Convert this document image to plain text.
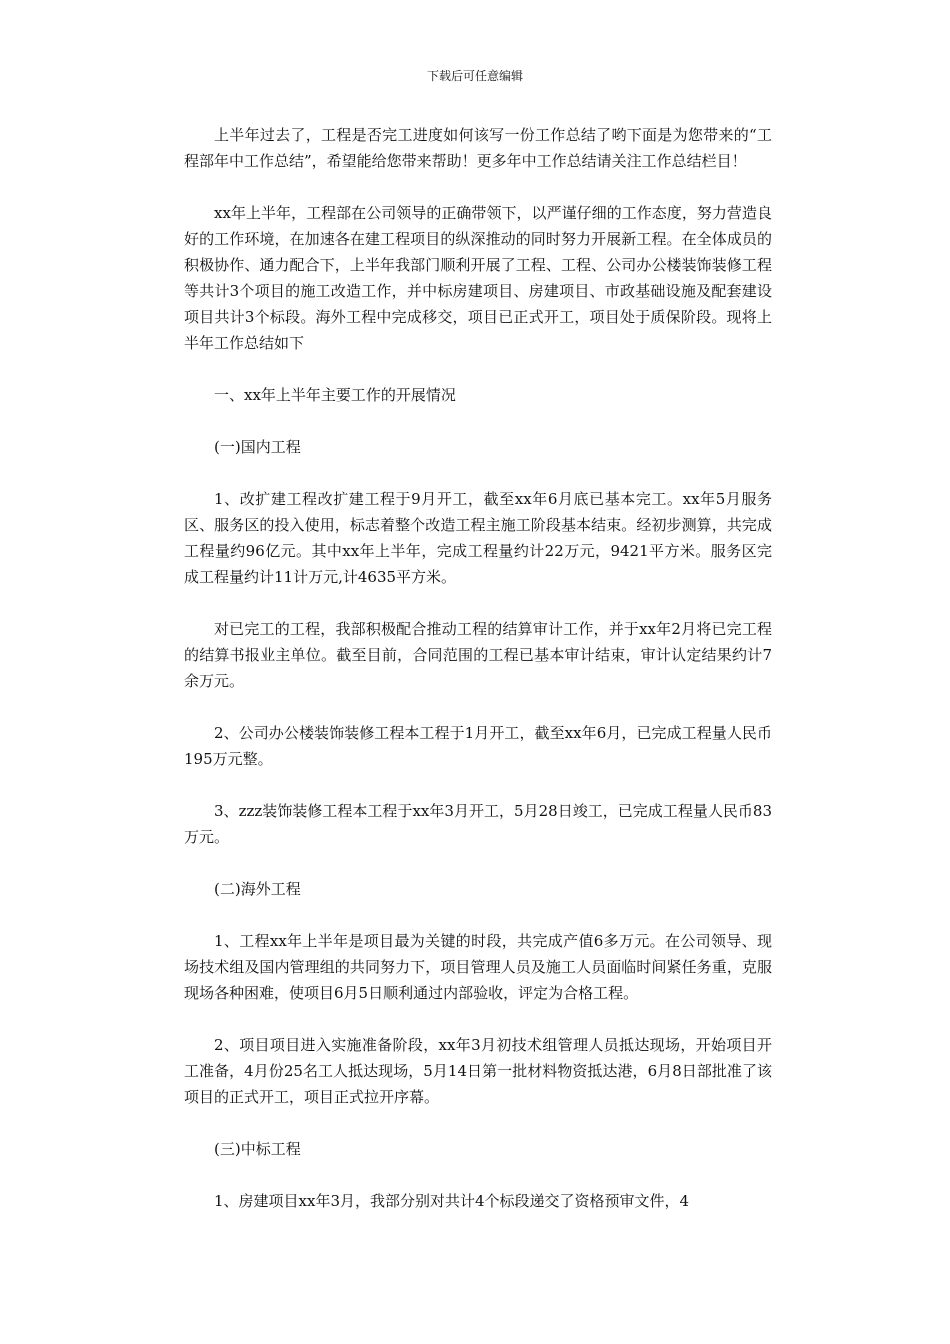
下载后可任意编辑

上半年过去了，工程是否完工进度如何该写一份工作总结了哟下面是为您带来的“工程部年中工作总结”，希望能给您带来帮助！更多年中工作总结请关注工作总结栏目！

xx年上半年，工程部在公司领导的正确带领下，以严谨仔细的工作态度，努力营造良好的工作环境，在加速各在建工程项目的纵深推动的同时努力开展新工程。在全体成员的积极协作、通力配合下，上半年我部门顺利开展了工程、工程、公司办公楼装饰装修工程等共计3个项目的施工改造工作，并中标房建项目、房建项目、市政基础设施及配套建设项目共计3个标段。海外工程中完成移交，项目已正式开工，项目处于质保阶段。现将上半年工作总结如下

一、xx年上半年主要工作的开展情况

(一)国内工程

1、改扩建工程改扩建工程于9月开工，截至xx年6月底已基本完工。xx年5月服务区、服务区的投入使用，标志着整个改造工程主施工阶段基本结束。经初步测算，共完成工程量约96亿元。其中xx年上半年，完成工程量约计22万元，9421平方米。服务区完成工程量约计11计万元,计4635平方米。

对已完工的工程，我部积极配合推动工程的结算审计工作，并于xx年2月将已完工程的结算书报业主单位。截至目前，合同范围的工程已基本审计结束，审计认定结果约计7余万元。

2、公司办公楼装饰装修工程本工程于1月开工，截至xx年6月，已完成工程量人民币195万元整。

3、zzz装饰装修工程本工程于xx年3月开工，5月28日竣工，已完成工程量人民币83万元。

(二)海外工程

1、工程xx年上半年是项目最为关键的时段，共完成产值6多万元。在公司领导、现场技术组及国内管理组的共同努力下，项目管理人员及施工人员面临时间紧任务重，克服现场各种困难，使项目6月5日顺利通过内部验收，评定为合格工程。

2、项目项目进入实施准备阶段，xx年3月初技术组管理人员抵达现场，开始项目开工准备，4月份25名工人抵达现场，5月14日第一批材料物资抵达港，6月8日部批准了该项目的正式开工，项目正式拉开序幕。

(三)中标工程

1、房建项目xx年3月，我部分别对共计4个标段递交了资格预审文件，4
